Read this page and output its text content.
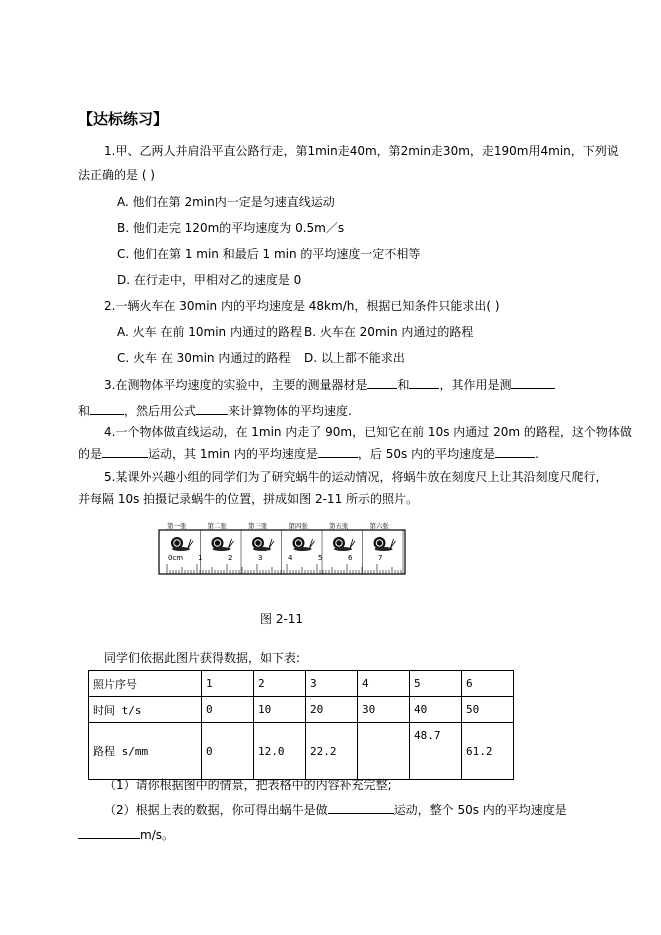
【达标练习】
1.甲、乙两人并肩沿平直公路行走，第1min走40m，第2min走30m，走190m用4min，下列说
法正确的是 ( )
A. 他们在第 2min内一定是匀速直线运动
B. 他们走完 120m的平均速度为 0.5m／s
C. 他们在第 1 min 和最后 1 min 的平均速度一定不相等
D. 在行走中，甲相对乙的速度是 0
2.一辆火车在 30min 内的平均速度是 48km/h，根据已知条件只能求出( )
A. 火车 在前 10min 内通过的路程 B. 火车在 20min 内通过的路程
C. 火车 在 30min 内通过的路程 D. 以上都不能求出
3.在测物体平均速度的实验中，主要的测量器材是	和	，其作用是测
和	，然后用公式	来计算物体的平均速度.
4.一个物体做直线运动，在 1min 内走了 90m，已知它在前 10s 内通过 20m 的路程，这个物体做
的是	运动，其 1min 内的平均速度是	，后 50s 内的平均速度是	.
5.某课外兴趣小组的同学们为了研究蜗牛的运动情况，将蜗牛放在刻度尺上让其沿刻度尺爬行，
并每隔 10s 拍摄记录蜗牛的位置，拼成如图 2-11 所示的照片。
第一张	第二张	第三张	第四张	第五张	第六张
0cm 1	2	3	4	5	6	7
图 2-11
同学们依据此图片获得数据，如下表:
照片序号	1	2	3	4	5	6
时间 t/s	0	10	20	30	40	50
路程 s/mm	0	12.0	22.2		48.7	61.2
（1）请你根据图中的情景，把表格中的内容补充完整;
（2）根据上表的数据，你可得出蜗牛是做	运动，整个 50s 内的平均速度是
m/s。
